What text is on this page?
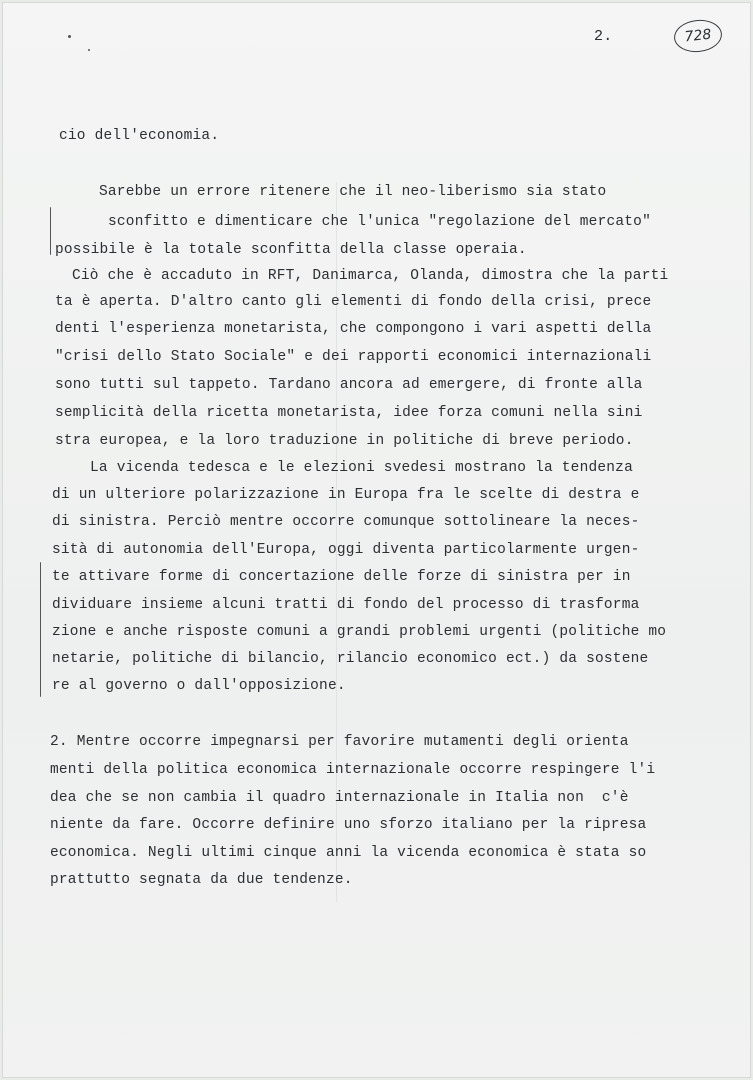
2.	728
cio dell'economia.
Sarebbe un errore ritenere che il neo-liberismo sia stato
sconfitto e dimenticare che l'unica "regolazione del mercato"
possibile è la totale sconfitta della classe operaia.
Ciò che è accaduto in RFT, Danimarca, Olanda, dimostra che la parti
ta è aperta. D'altro canto gli elementi di fondo della crisi, prece
denti l'esperienza monetarista, che compongono i vari aspetti della
"crisi dello Stato Sociale" e dei rapporti economici internazionali
sono tutti sul tappeto. Tardano ancora ad emergere, di fronte alla
semplicità della ricetta monetarista, idee forza comuni nella sini
stra europea, e la loro traduzione in politiche di breve periodo.
La vicenda tedesca e le elezioni svedesi mostrano la tendenza
di un ulteriore polarizzazione in Europa fra le scelte di destra e
di sinistra. Perciò mentre occorre comunque sottolineare la neces-
sità di autonomia dell'Europa, oggi diventa particolarmente urgen-
te attivare forme di concertazione delle forze di sinistra per in
dividuare insieme alcuni tratti di fondo del processo di trasforma
zione e anche risposte comuni a grandi problemi urgenti (politiche mo
netarie, politiche di bilancio, rilancio economico ect.) da sostene
re al governo o dall'opposizione.
2. Mentre occorre impegnarsi per favorire mutamenti degli orienta
menti della politica economica internazionale occorre respingere l'i
dea che se non cambia il quadro internazionale in Italia non  c'è
niente da fare. Occorre definire uno sforzo italiano per la ripresa
economica. Negli ultimi cinque anni la vicenda economica è stata so
prattutto segnata da due tendenze.
